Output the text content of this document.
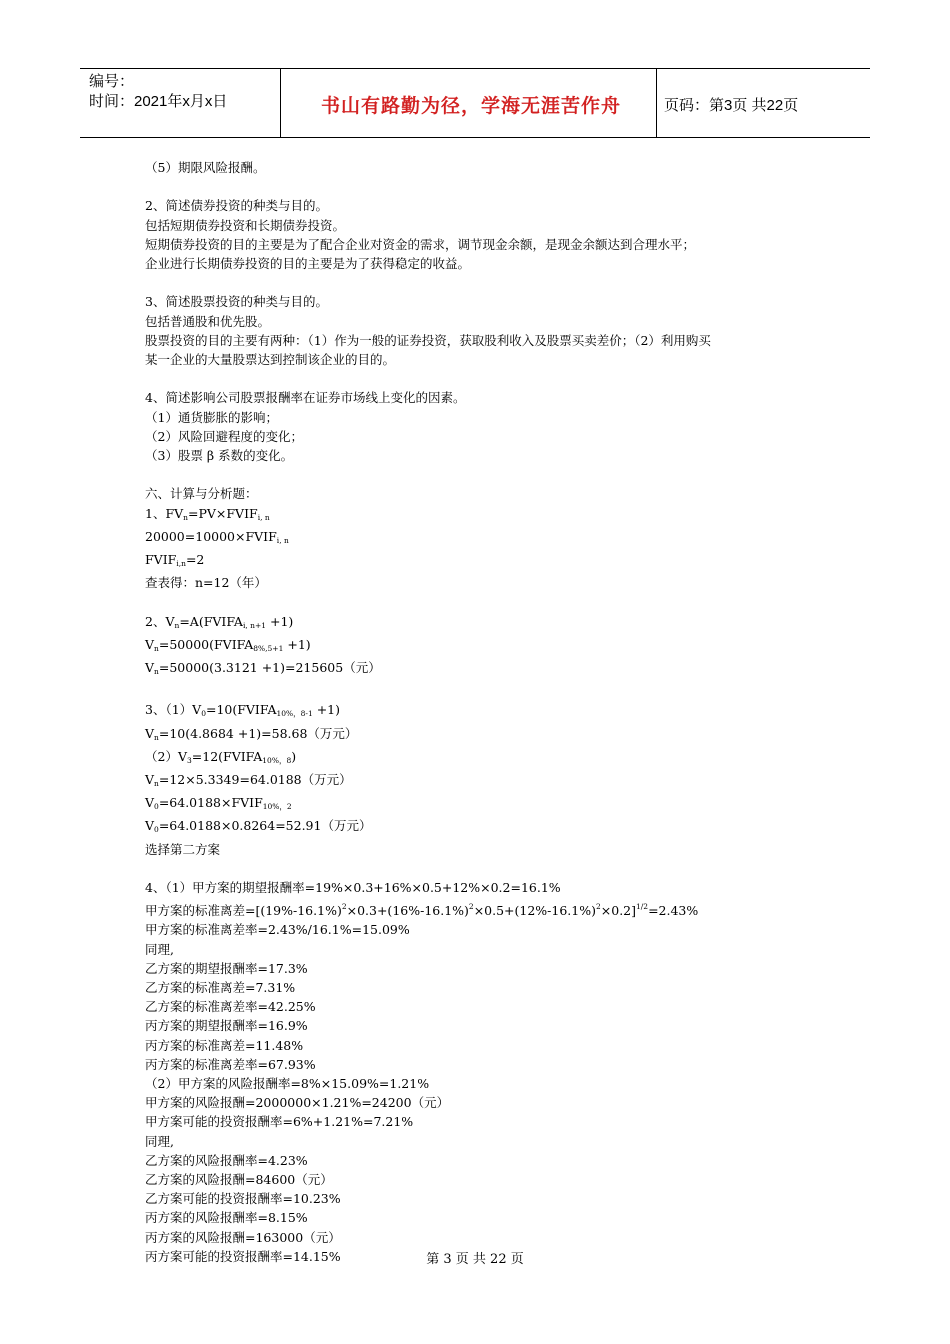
编号：
时间：2021年x月x日	书山有路勤为径，学海无涯苦作舟	页码：第3页 共22页
（5）期限风险报酬。
2、简述债券投资的种类与目的。
包括短期债券投资和长期债券投资。
短期债券投资的目的主要是为了配合企业对资金的需求，调节现金余额，是现金余额达到合理水平；
企业进行长期债券投资的目的主要是为了获得稳定的收益。
3、简述股票投资的种类与目的。
包括普通股和优先股。
股票投资的目的主要有两种：（1）作为一般的证券投资，获取股利收入及股票买卖差价；（2）利用购买
某一企业的大量股票达到控制该企业的目的。
4、简述影响公司股票报酬率在证券市场线上变化的因素。
（1）通货膨胀的影响；
（2）风险回避程度的变化；
（3）股票 β 系数的变化。
六、计算与分析题：
1、$FV_n=PV\times FVIF_{i, n}$
$20000=10000\times FVIF_{i, n}$
$FVIF_{i,n}=2$
查表得：n=12（年）
2、$V_n=A(FVIFA_{i, n+1} +1)$
$V_n=50000(FVIFA_{8\%,5+1} +1)$
$V_n=50000(3.3121 +1)=215605$（元）
3、$(1)V_0=10(FVIFA_{10\%,8-1} +1)$
$V_n=10(4.8684 +1)=58.68$（万元）
$(2)V_3=12(FVIFA_{10\%,8})$
$V_n=12\times 5.3349=64.0188$（万元）
$V_0=64.0188\times FVIF_{10\%,2}$
$V_0=64.0188\times 0.8264=52.91$（万元）
选择第二方案
4、（1）甲方案的期望报酬率=19%×0.3+16%×0.5+12%×0.2=16.1%
甲方案的标准离差$=[(19\%-16.1\%)^2\times 0.3+(16\%-16.1\%)^2\times 0.5+(12\%-16.1\%)^2\times 0.2]^{1/2}=2.43\%$
甲方案的标准离差率=2.43%/16.1%=15.09%
同理,
乙方案的期望报酬率=17.3%
乙方案的标准离差=7.31%
乙方案的标准离差率=42.25%
丙方案的期望报酬率=16.9%
丙方案的标准离差=11.48%
丙方案的标准离差率=67.93%
（2）甲方案的风险报酬率=8%×15.09%=1.21%
甲方案的风险报酬=2000000×1.21%=24200（元）
甲方案可能的投资报酬率=6%+1.21%=7.21%
同理,
乙方案的风险报酬率=4.23%
乙方案的风险报酬=84600（元）
乙方案可能的投资报酬率=10.23%
丙方案的风险报酬率=8.15%
丙方案的风险报酬=163000（元）
丙方案可能的投资报酬率=14.15%	第 3 页 共 22 页
